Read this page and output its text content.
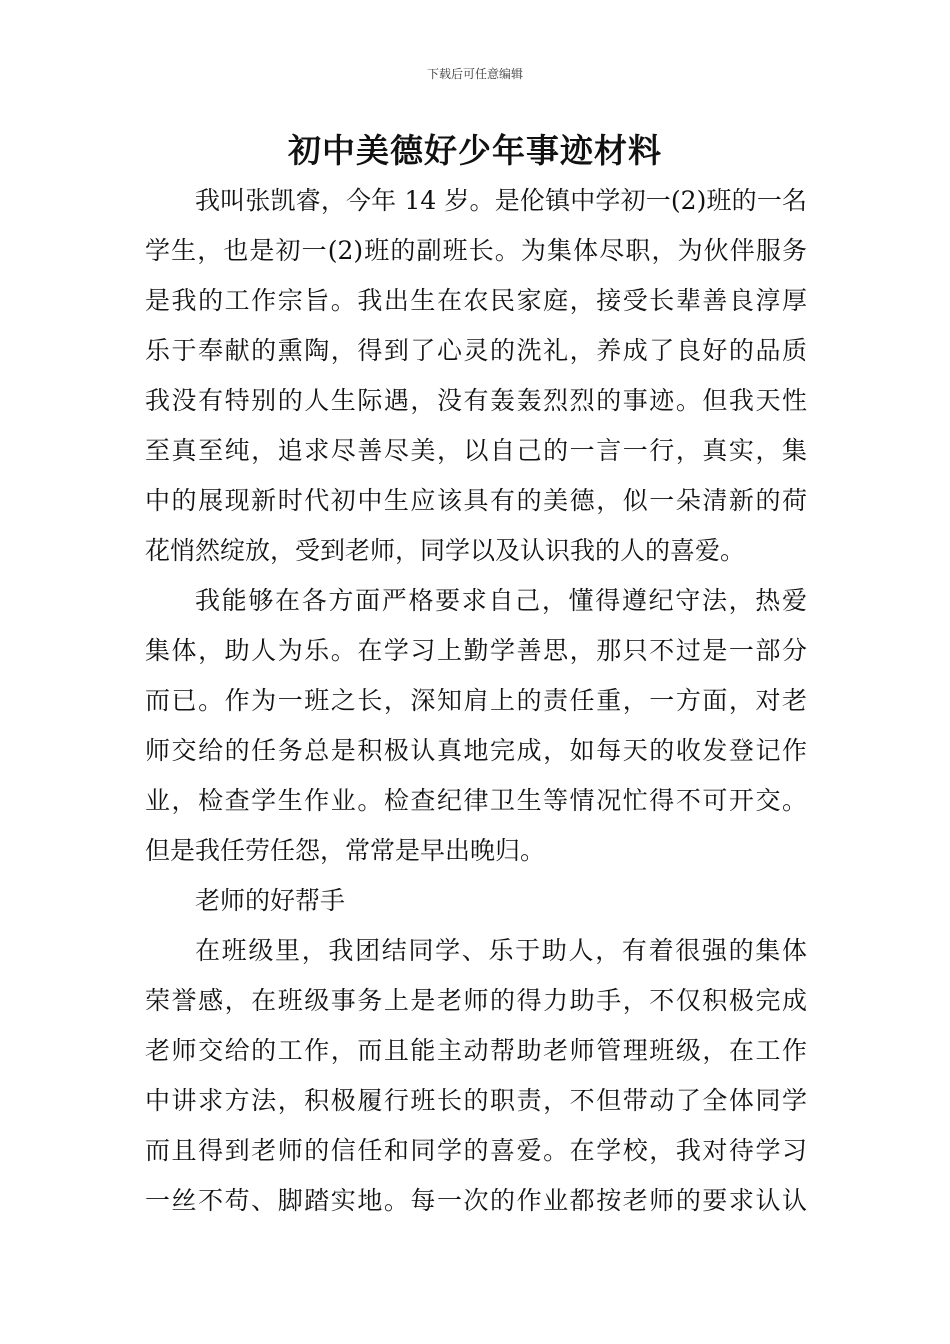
下载后可任意编辑
初中美德好少年事迹材料
我叫张凯睿，今年 14 岁。是伦镇中学初一(2)班的一名
学生，也是初一(2)班的副班长。为集体尽职，为伙伴服务
是我的工作宗旨。我出生在农民家庭，接受长辈善良淳厚
乐于奉献的熏陶，得到了心灵的洗礼，养成了良好的品质
我没有特别的人生际遇，没有轰轰烈烈的事迹。但我天性
至真至纯，追求尽善尽美，以自己的一言一行，真实，集
中的展现新时代初中生应该具有的美德，似一朵清新的荷
花悄然绽放，受到老师，同学以及认识我的人的喜爱。
我能够在各方面严格要求自己，懂得遵纪守法，热爱
集体，助人为乐。在学习上勤学善思，那只不过是一部分
而已。作为一班之长，深知肩上的责任重，一方面，对老
师交给的任务总是积极认真地完成，如每天的收发登记作
业，检查学生作业。检查纪律卫生等情况忙得不可开交。
但是我任劳任怨，常常是早出晚归。
老师的好帮手
在班级里，我团结同学、乐于助人，有着很强的集体
荣誉感，在班级事务上是老师的得力助手，不仅积极完成
老师交给的工作，而且能主动帮助老师管理班级，在工作
中讲求方法，积极履行班长的职责，不但带动了全体同学
而且得到老师的信任和同学的喜爱。在学校，我对待学习
一丝不苟、脚踏实地。每一次的作业都按老师的要求认认
